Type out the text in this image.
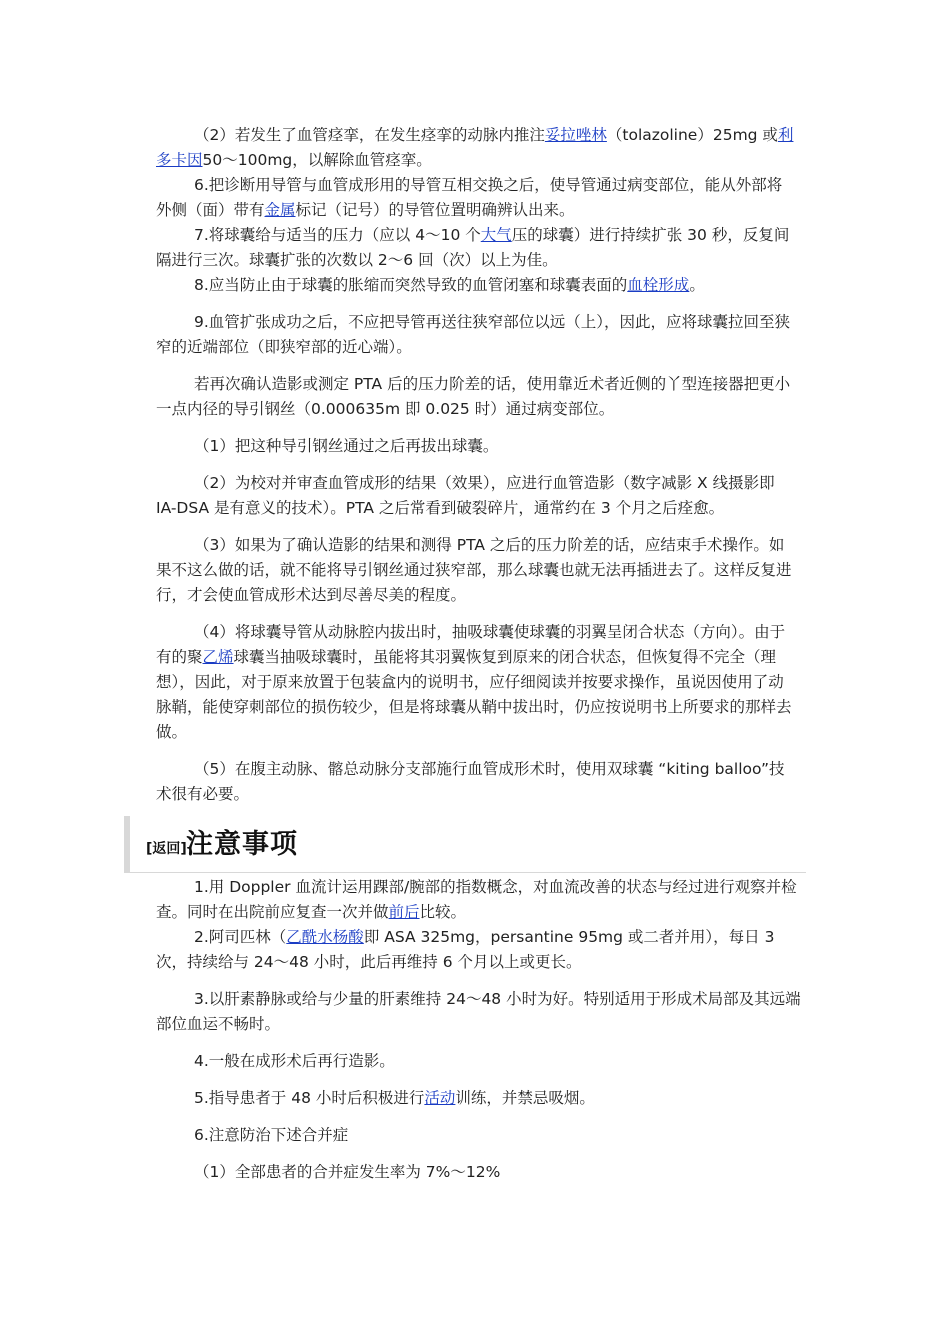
（2）若发生了血管痉挛，在发生痉挛的动脉内推注妥拉唑林（tolazoline）25mg 或利多卡因50～100mg，以解除血管痉挛。

6.把诊断用导管与血管成形用的导管互相交换之后，使导管通过病变部位，能从外部将外侧（面）带有金属标记（记号）的导管位置明确辨认出来。

7.将球囊给与适当的压力（应以 4～10 个大气压的球囊）进行持续扩张 30 秒，反复间隔进行三次。球囊扩张的次数以 2～6 回（次）以上为佳。

8.应当防止由于球囊的胀缩而突然导致的血管闭塞和球囊表面的血栓形成。

9.血管扩张成功之后，不应把导管再送往狭窄部位以远（上），因此，应将球囊拉回至狭窄的近端部位（即狭窄部的近心端）。

若再次确认造影或测定 PTA 后的压力阶差的话，使用靠近术者近侧的丫型连接器把更小一点内径的导引钢丝（0.000635m 即 0.025 时）通过病变部位。

（1）把这种导引钢丝通过之后再拔出球囊。

（2）为校对并审查血管成形的结果（效果），应进行血管造影（数字减影 X 线摄影即 IA-DSA 是有意义的技术）。PTA 之后常看到破裂碎片，通常约在 3 个月之后痊愈。

（3）如果为了确认造影的结果和测得 PTA 之后的压力阶差的话，应结束手术操作。如果不这么做的话，就不能将导引钢丝通过狭窄部，那么球囊也就无法再插进去了。这样反复进行，才会使血管成形术达到尽善尽美的程度。

（4）将球囊导管从动脉腔内拔出时，抽吸球囊使球囊的羽翼呈闭合状态（方向）。由于有的聚乙烯球囊当抽吸球囊时，虽能将其羽翼恢复到原来的闭合状态，但恢复得不完全（理想），因此，对于原来放置于包装盒内的说明书，应仔细阅读并按要求操作，虽说因使用了动脉鞘，能使穿刺部位的损伤较少，但是将球囊从鞘中拔出时，仍应按说明书上所要求的那样去做。

（5）在腹主动脉、髂总动脉分支部施行血管成形术时，使用双球囊 “kiting balloo”技术很有必要。

[返回] 注意事项

1.用 Doppler 血流计运用踝部/腕部的指数概念，对血流改善的状态与经过进行观察并检查。同时在出院前应复查一次并做前后比较。

2.阿司匹林（乙酰水杨酸即 ASA 325mg，persantine 95mg 或二者并用），每日 3 次，持续给与 24～48 小时，此后再维持 6 个月以上或更长。

3.以肝素静脉或给与少量的肝素维持 24～48 小时为好。特别适用于形成术局部及其远端部位血运不畅时。

4.一般在成形术后再行造影。

5.指导患者于 48 小时后积极进行活动训练，并禁忌吸烟。

6.注意防治下述合并症

（1）全部患者的合并症发生率为 7%～12%
